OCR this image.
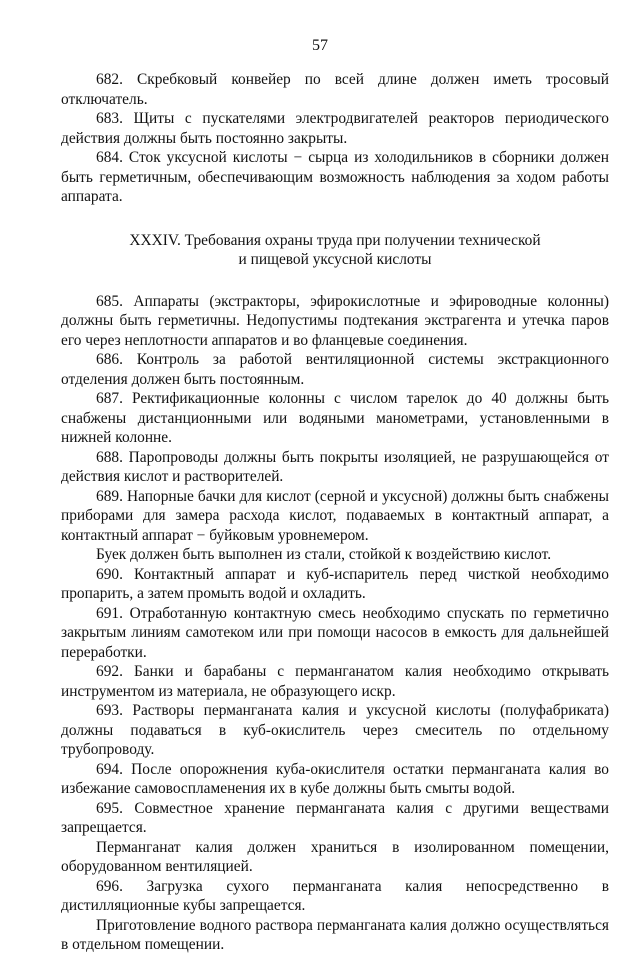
57

682. Скребковый конвейер по всей длине должен иметь тросовый отключатель.

683. Щиты с пускателями электродвигателей реакторов периодического действия должны быть постоянно закрыты.

684. Сток уксусной кислоты − сырца из холодильников в сборники должен быть герметичным, обеспечивающим возможность наблюдения за ходом работы аппарата.

XXXIV. Требования охраны труда при получении технической
и пищевой уксусной кислоты

685. Аппараты (экстракторы, эфирокислотные и эфироводные колонны) должны быть герметичны. Недопустимы подтекания экстрагента и утечка паров его через неплотности аппаратов и во фланцевые соединения.

686. Контроль за работой вентиляционной системы экстракционного отделения должен быть постоянным.

687. Ректификационные колонны с числом тарелок до 40 должны быть снабжены дистанционными или водяными манометрами, установленными в нижней колонне.

688. Паропроводы должны быть покрыты изоляцией, не разрушающейся от действия кислот и растворителей.

689. Напорные бачки для кислот (серной и уксусной) должны быть снабжены приборами для замера расхода кислот, подаваемых в контактный аппарат, а контактный аппарат − буйковым уровнемером.

Буек должен быть выполнен из стали, стойкой к воздействию кислот.

690. Контактный аппарат и куб-испаритель перед чисткой необходимо пропарить, а затем промыть водой и охладить.

691. Отработанную контактную смесь необходимо спускать по герметично закрытым линиям самотеком или при помощи насосов в емкость для дальнейшей переработки.

692. Банки и барабаны с перманганатом калия необходимо открывать инструментом из материала, не образующего искр.

693. Растворы перманганата калия и уксусной кислоты (полуфабриката) должны подаваться в куб-окислитель через смеситель по отдельному трубопроводу.

694. После опорожнения куба-окислителя остатки перманганата калия во избежание самовоспламенения их в кубе должны быть смыты водой.

695. Совместное хранение перманганата калия с другими веществами запрещается.

Перманганат калия должен храниться в изолированном помещении, оборудованном вентиляцией.

696. Загрузка сухого перманганата калия непосредственно в дистилляционные кубы запрещается.

Приготовление водного раствора перманганата калия должно осуществляться в отдельном помещении.
